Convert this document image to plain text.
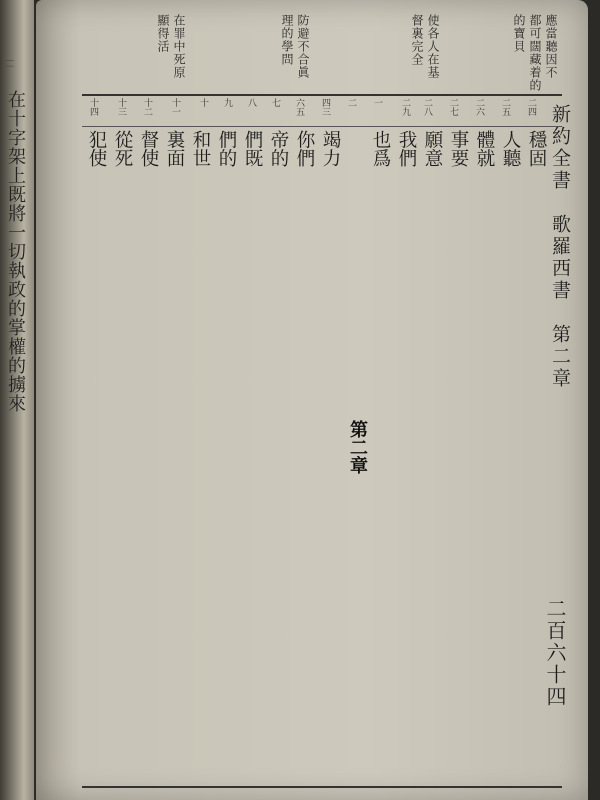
ᛁᛁ
在十字架上既將一切執政的掌權的擄來
應當聽因不
都可闊藏着的
的寶貝
使各人在基
督裏完全
防避不合眞
理的學問
在罪中死原
顯得活
新約全書　歌羅西書　第二章
二百六十四
十四 十三 十二 十一 十 九 八 七 六五 四三 二 一 二九 二八 二七 二六 二五 二四
犯使 從死 督使 裏面 和世 們的 們既 帝的 你們 竭力
第二章
也爲 我們 願意 事要 體就 人聽 穩固
